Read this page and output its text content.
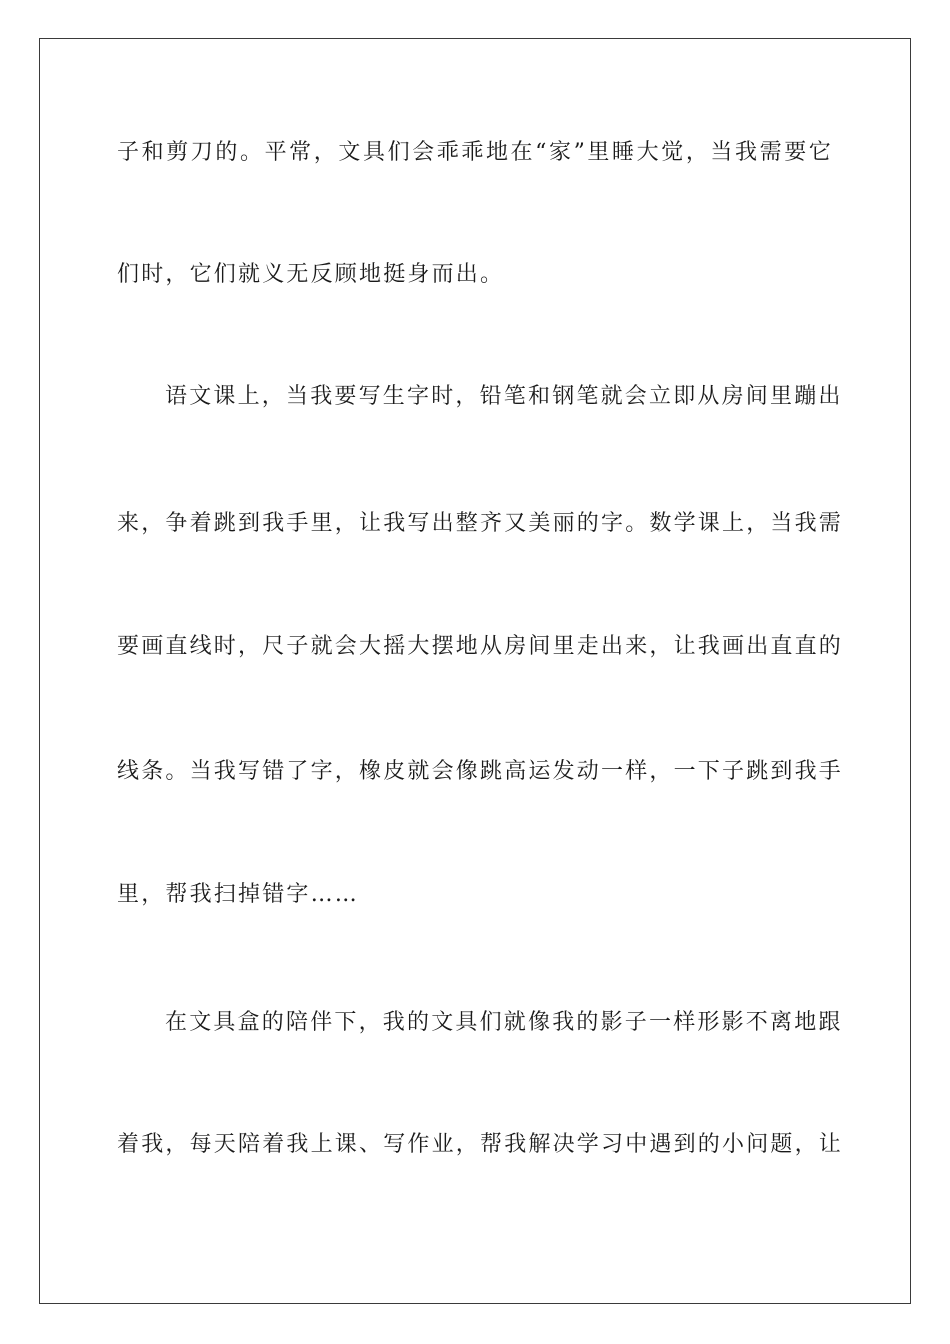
子和剪刀的。平常，文具们会乖乖地在“家”里睡大觉，当我需要它
们时，它们就义无反顾地挺身而出。
语文课上，当我要写生字时，铅笔和钢笔就会立即从房间里蹦出
来，争着跳到我手里，让我写出整齐又美丽的字。数学课上，当我需
要画直线时，尺子就会大摇大摆地从房间里走出来，让我画出直直的
线条。当我写错了字，橡皮就会像跳高运发动一样，一下子跳到我手
里，帮我扫掉错字……
在文具盒的陪伴下，我的文具们就像我的影子一样形影不离地跟
着我，每天陪着我上课、写作业，帮我解决学习中遇到的小问题，让
